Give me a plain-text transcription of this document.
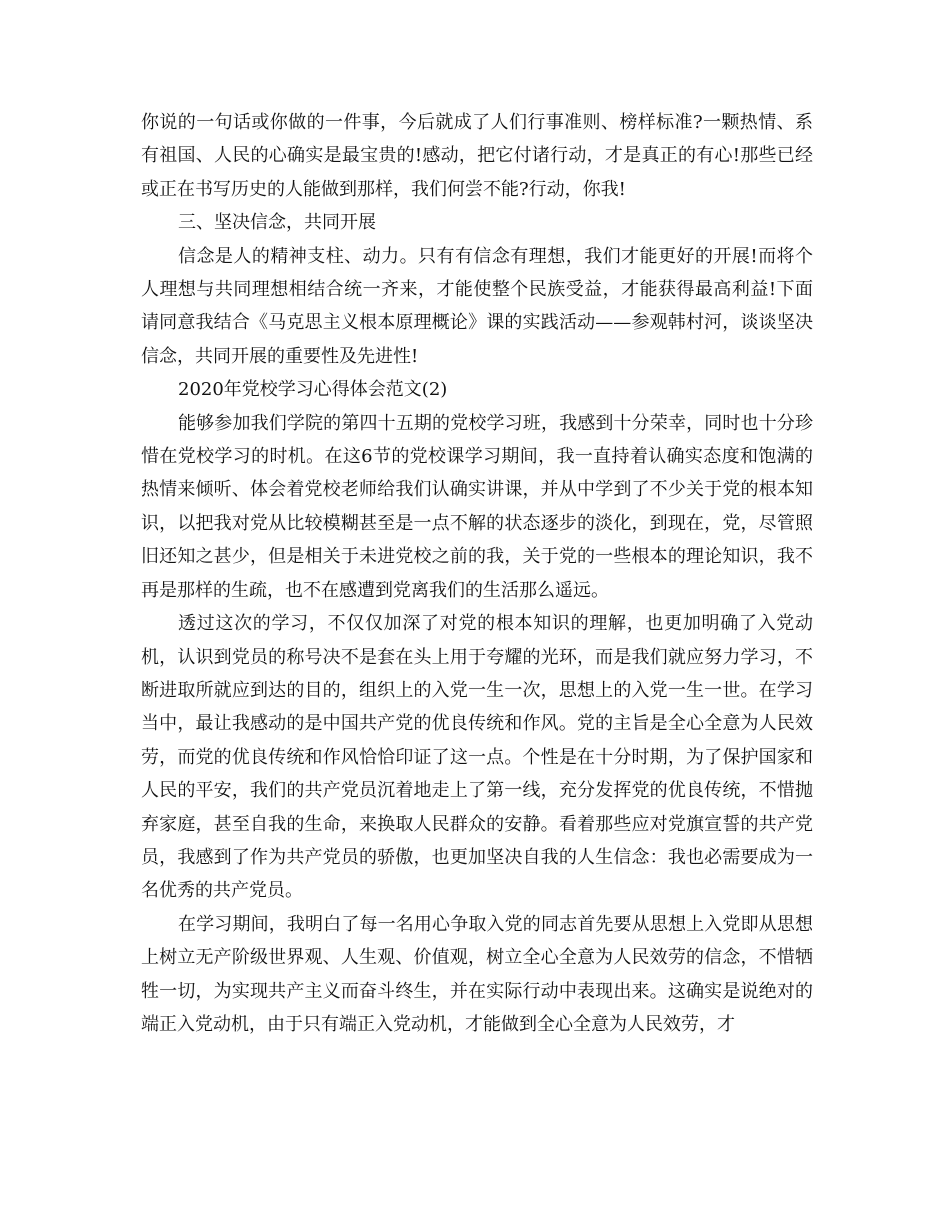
你说的一句话或你做的一件事，今后就成了人们行事准则、榜样标准?一颗热情、系有祖国、人民的心确实是最宝贵的!感动，把它付诸行动，才是真正的有心!那些已经或正在书写历史的人能做到那样，我们何尝不能?行动，你我!

三、坚决信念，共同开展

信念是人的精神支柱、动力。只有有信念有理想，我们才能更好的开展!而将个人理想与共同理想相结合统一齐来，才能使整个民族受益，才能获得最高利益!下面请同意我结合《马克思主义根本原理概论》课的实践活动——参观韩村河，谈谈坚决信念，共同开展的重要性及先进性!

2020年党校学习心得体会范文(2)

能够参加我们学院的第四十五期的党校学习班，我感到十分荣幸，同时也十分珍惜在党校学习的时机。在这6节的党校课学习期间，我一直持着认确实态度和饱满的热情来倾听、体会着党校老师给我们认确实讲课，并从中学到了不少关于党的根本知识，以把我对党从比较模糊甚至是一点不解的状态逐步的淡化，到现在，党，尽管照旧还知之甚少，但是相关于未进党校之前的我，关于党的一些根本的理论知识，我不再是那样的生疏，也不在感遭到党离我们的生活那么遥远。

透过这次的学习，不仅仅加深了对党的根本知识的理解，也更加明确了入党动机，认识到党员的称号决不是套在头上用于夸耀的光环，而是我们就应努力学习，不断进取所就应到达的目的，组织上的入党一生一次，思想上的入党一生一世。在学习当中，最让我感动的是中国共产党的优良传统和作风。党的主旨是全心全意为人民效劳，而党的优良传统和作风恰恰印证了这一点。个性是在十分时期，为了保护国家和人民的平安，我们的共产党员沉着地走上了第一线，充分发挥党的优良传统，不惜抛弃家庭，甚至自我的生命，来换取人民群众的安静。看着那些应对党旗宣誓的共产党员，我感到了作为共产党员的骄傲，也更加坚决自我的人生信念：我也必需要成为一名优秀的共产党员。

在学习期间，我明白了每一名用心争取入党的同志首先要从思想上入党即从思想上树立无产阶级世界观、人生观、价值观，树立全心全意为人民效劳的信念，不惜牺牲一切，为实现共产主义而奋斗终生，并在实际行动中表现出来。这确实是说绝对的端正入党动机，由于只有端正入党动机，才能做到全心全意为人民效劳，才
